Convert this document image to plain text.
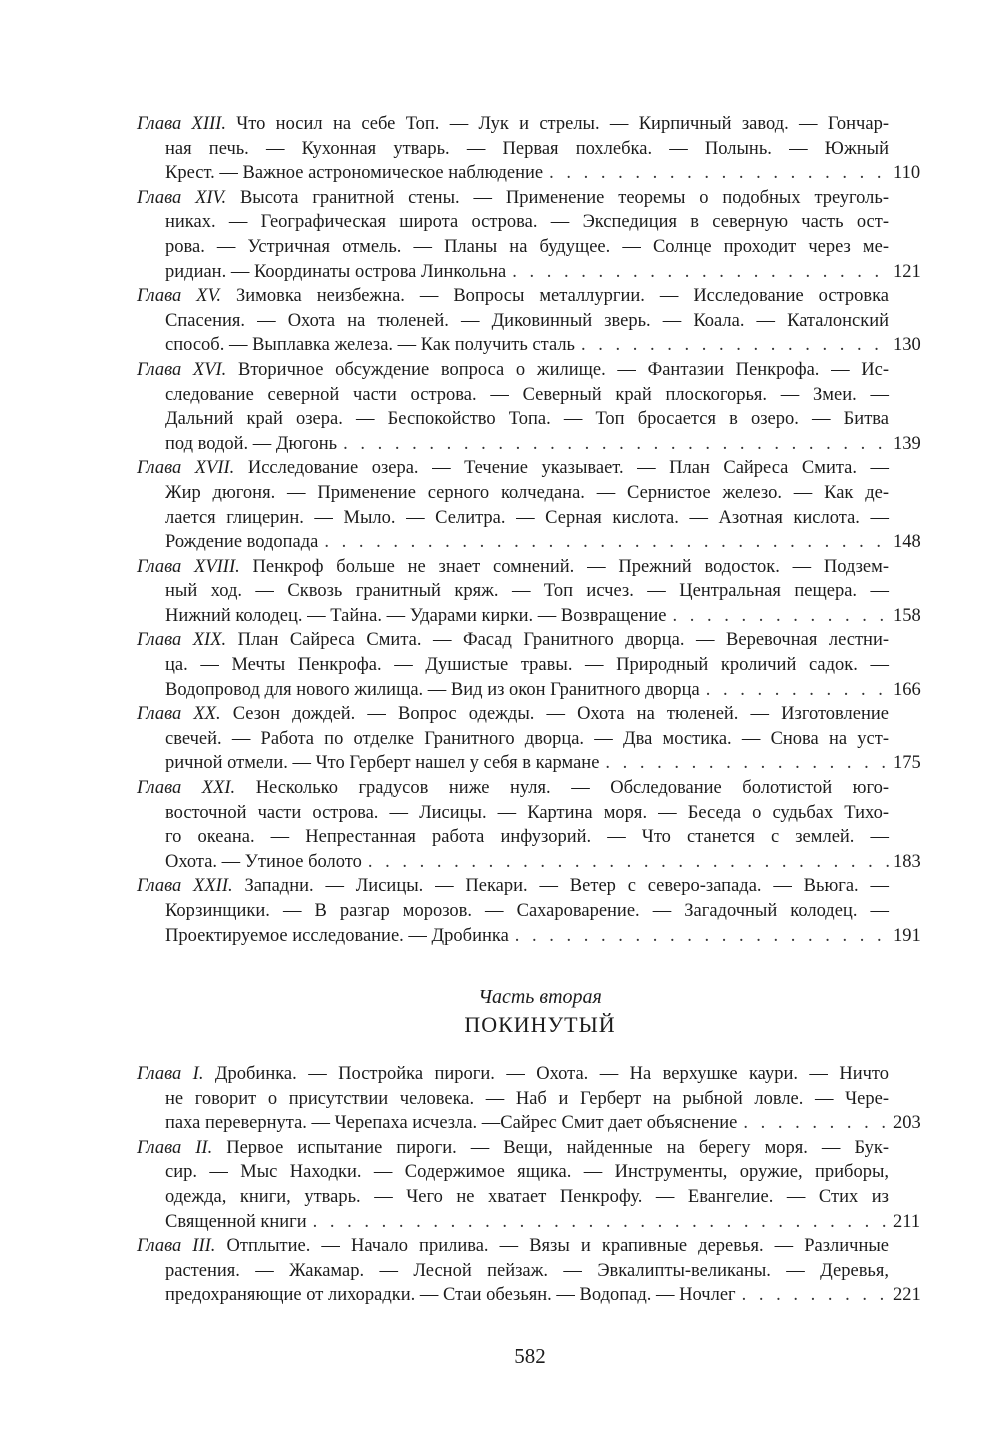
Глава XIII. Что носил на себе Топ. — Лук и стрелы. — Кирпичный завод. — Гончар-
ная печь. — Кухонная утварь. — Первая похлебка. — Полынь. — Южный
Крест. — Важное астрономическое наблюдение . . .	110
Глава XIV. Высота гранитной стены. — Применение теоремы о подобных треуголь-
никах. — Географическая широта острова. — Экспедиция в северную часть ост-
рова. — Устричная отмель. — Планы на будущее. — Солнце проходит через ме-
ридиан. — Координаты острова Линкольна . . .	121
Глава XV. Зимовка неизбежна. — Вопросы металлургии. — Исследование островка
Спасения. — Охота на тюленей. — Диковинный зверь. — Коала. — Каталонский
способ. — Выплавка железа. — Как получить сталь . . .	130
Глава XVI. Вторичное обсуждение вопроса о жилище. — Фантазии Пенкрофа. — Ис-
следование северной части острова. — Северный край плоскогорья. — Змеи. —
Дальний край озера. — Беспокойство Топа. — Топ бросается в озеро. — Битва
под водой. — Дюгонь . . .	139
Глава XVII. Исследование озера. — Течение указывает. — План Сайреса Смита. —
Жир дюгоня. — Применение серного колчедана. — Сернистое железо. — Как де-
лается глицерин. — Мыло. — Селитра. — Серная кислота. — Азотная кислота. —
Рождение водопада . . .	148
Глава XVIII. Пенкроф больше не знает сомнений. — Прежний водосток. — Подзем-
ный ход. — Сквозь гранитный кряж. — Топ исчез. — Центральная пещера. —
Нижний колодец. — Тайна. — Ударами кирки. — Возвращение . . .	158
Глава XIX. План Сайреса Смита. — Фасад Гранитного дворца. — Веревочная лестни-
ца. — Мечты Пенкрофа. — Душистые травы. — Природный кроличий садок. —
Водопровод для нового жилища. — Вид из окон Гранитного дворца . . .	166
Глава XX. Сезон дождей. — Вопрос одежды. — Охота на тюленей. — Изготовление
свечей. — Работа по отделке Гранитного дворца. — Два мостика. — Снова на уст-
ричной отмели. — Что Герберт нашел у себя в кармане . . .	175
Глава XXI. Несколько градусов ниже нуля. — Обследование болотистой юго-
восточной части острова. — Лисицы. — Картина моря. — Беседа о судьбах Тихо-
го океана. — Непрестанная работа инфузорий. — Что станется с землей. —
Охота. — Утиное болото . . .	183
Глава XXII. Западни. — Лисицы. — Пекари. — Ветер с северо-запада. — Вьюга. —
Корзинщики. — В разгар морозов. — Сахароварение. — Загадочный колодец. —
Проектируемое исследование. — Дробинка . . .	191
Часть вторая
ПОКИНУТЫЙ
Глава I. Дробинка. — Постройка пироги. — Охота. — На верхушке каури. — Ничто
не говорит о присутствии человека. — Наб и Герберт на рыбной ловле. — Чере-
паха перевернута. — Черепаха исчезла. —Сайрес Смит дает объяснение . . .	203
Глава II. Первое испытание пироги. — Вещи, найденные на берегу моря. — Бук-
сир. — Мыс Находки. — Содержимое ящика. — Инструменты, оружие, приборы,
одежда, книги, утварь. — Чего не хватает Пенкрофу. — Евангелие. — Стих из
Священной книги . . .	211
Глава III. Отплытие. — Начало прилива. — Вязы и крапивные деревья. — Различные
растения. — Жакамар. — Лесной пейзаж. — Эвкалипты-великаны. — Деревья,
предохраняющие от лихорадки. — Стаи обезьян. — Водопад. — Ночлег . . .	221
582
